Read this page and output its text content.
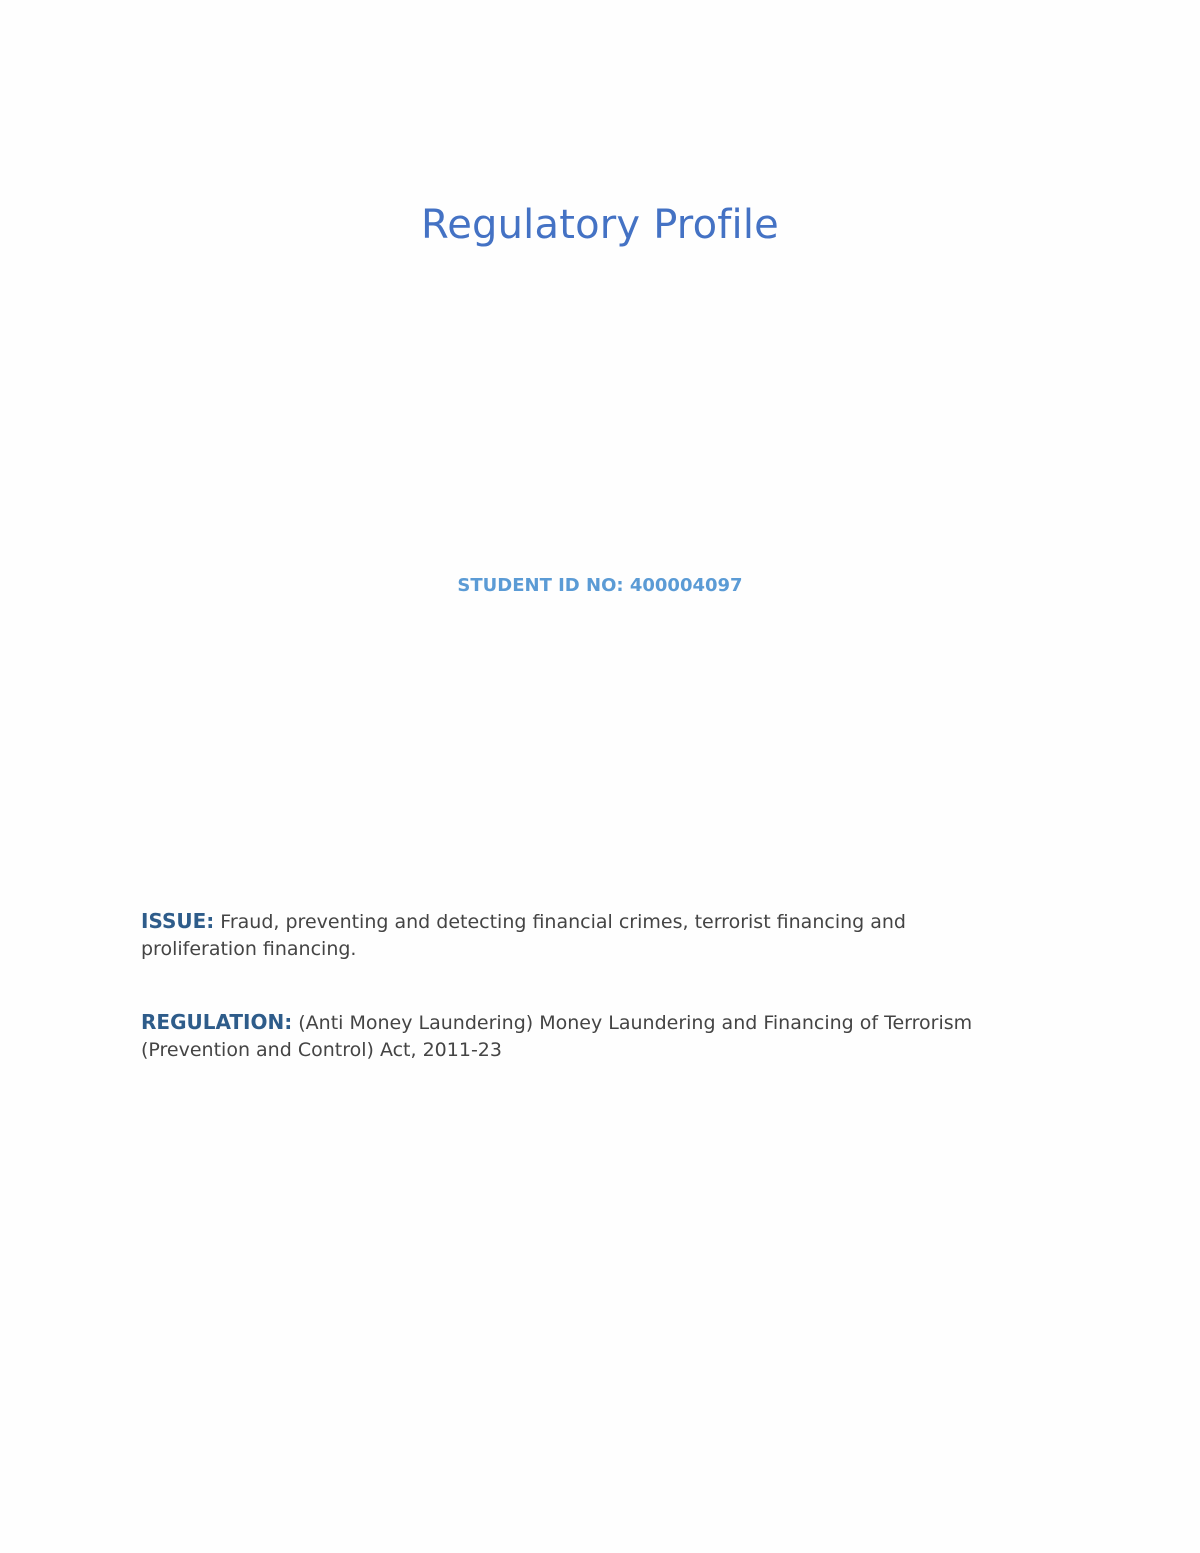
Regulatory Profile

STUDENT ID NO: 400004097

ISSUE: Fraud, preventing and detecting financial crimes, terrorist financing and proliferation financing.

REGULATION: (Anti Money Laundering) Money Laundering and Financing of Terrorism (Prevention and Control) Act, 2011-23
